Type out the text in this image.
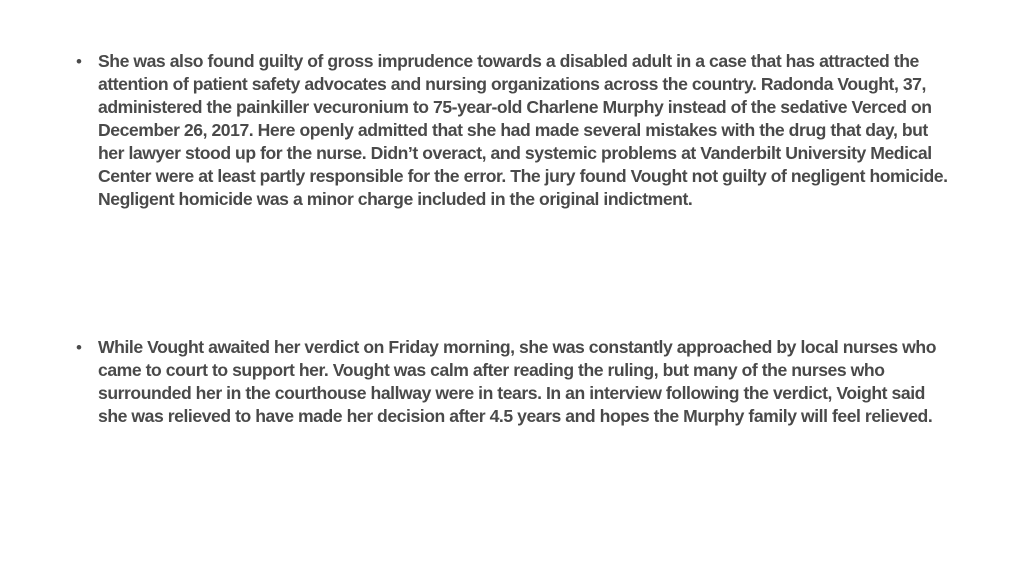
• She was also found guilty of gross imprudence towards a disabled adult in a case that has attracted the attention of patient safety advocates and nursing organizations across the country. Radonda Vought, 37, administered the painkiller vecuronium to 75-year-old Charlene Murphy instead of the sedative Verced on December 26, 2017. Here openly admitted that she had made several mistakes with the drug that day, but her lawyer stood up for the nurse. Didn’t overact, and systemic problems at Vanderbilt University Medical Center were at least partly responsible for the error. The jury found Vought not guilty of negligent homicide. Negligent homicide was a minor charge included in the original indictment.

• While Vought awaited her verdict on Friday morning, she was constantly approached by local nurses who came to court to support her. Vought was calm after reading the ruling, but many of the nurses who surrounded her in the courthouse hallway were in tears. In an interview following the verdict, Voight said she was relieved to have made her decision after 4.5 years and hopes the Murphy family will feel relieved.
